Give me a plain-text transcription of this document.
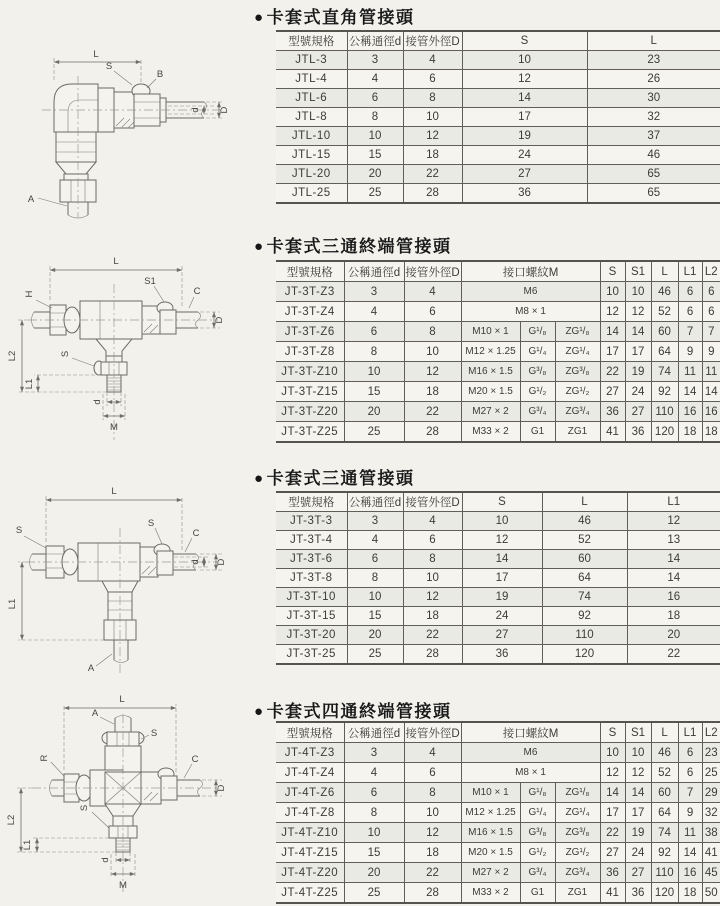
● 卡套式直角管接頭
L
S
B
d D
A
型號規格	公稱通徑d	接管外徑D	S	L
JTL-3	3	4	10	23
JTL-4	4	6	12	26
JTL-6	6	8	14	30
JTL-8	8	10	17	32
JTL-10	10	12	19	37
JTL-15	15	18	24	46
JTL-20	20	22	27	65
JTL-25	25	28	36	65
● 卡套式三通終端管接頭
L
S1
C
H
D
L2
L1
S
d
M
型號規格	公稱通徑d	接管外徑D	接口螺紋M			S	S1	L	L1	L2
JT-3T-Z3	3	4	M6			10	10	46	6	6
JT-3T-Z4	4	6	M8 × 1			12	12	52	6	6
JT-3T-Z6	6	8	M10 × 1	G¹/₈	ZG¹/₈	14	14	60	7	7
JT-3T-Z8	8	10	M12 × 1.25	G¹/₄	ZG¹/₄	17	17	64	9	9
JT-3T-Z10	10	12	M16 × 1.5	G³/₈	ZG³/₈	22	19	74	11	11
JT-3T-Z15	15	18	M20 × 1.5	G¹/₂	ZG¹/₂	27	24	92	14	14
JT-3T-Z20	20	22	M27 × 2	G³/₄	ZG³/₄	36	27	110	16	16
JT-3T-Z25	25	28	M33 × 2	G1	ZG1	41	36	120	18	18
● 卡套式三通管接頭
L
S
S
C
d D
L1
A
型號規格	公稱通徑d	接管外徑D	S	L	L1
JT-3T-3	3	4	10	46	12
JT-3T-4	4	6	12	52	13
JT-3T-6	6	8	14	60	14
JT-3T-8	8	10	17	64	14
JT-3T-10	10	12	19	74	16
JT-3T-15	15	18	24	92	18
JT-3T-20	20	22	27	110	20
JT-3T-25	25	28	36	120	22
● 卡套式四通終端管接頭
L
A
S
R	C
D
S
L2
L1
d
M
型號規格	公稱通徑d	接管外徑D	接口螺紋M			S	S1	L	L1	L2
JT-4T-Z3	3	4	M6			10	10	46	6	23
JT-4T-Z4	4	6	M8 × 1			12	12	52	6	25
JT-4T-Z6	6	8	M10 × 1	G¹/₈	ZG¹/₈	14	14	60	7	29
JT-4T-Z8	8	10	M12 × 1.25	G¹/₄	ZG¹/₄	17	17	64	9	32
JT-4T-Z10	10	12	M16 × 1.5	G³/₈	ZG³/₈	22	19	74	11	38
JT-4T-Z15	15	18	M20 × 1.5	G¹/₂	ZG¹/₂	27	24	92	14	41
JT-4T-Z20	20	22	M27 × 2	G³/₄	ZG³/₄	36	27	110	16	45
JT-4T-Z25	25	28	M33 × 2	G1	ZG1	41	36	120	18	50
